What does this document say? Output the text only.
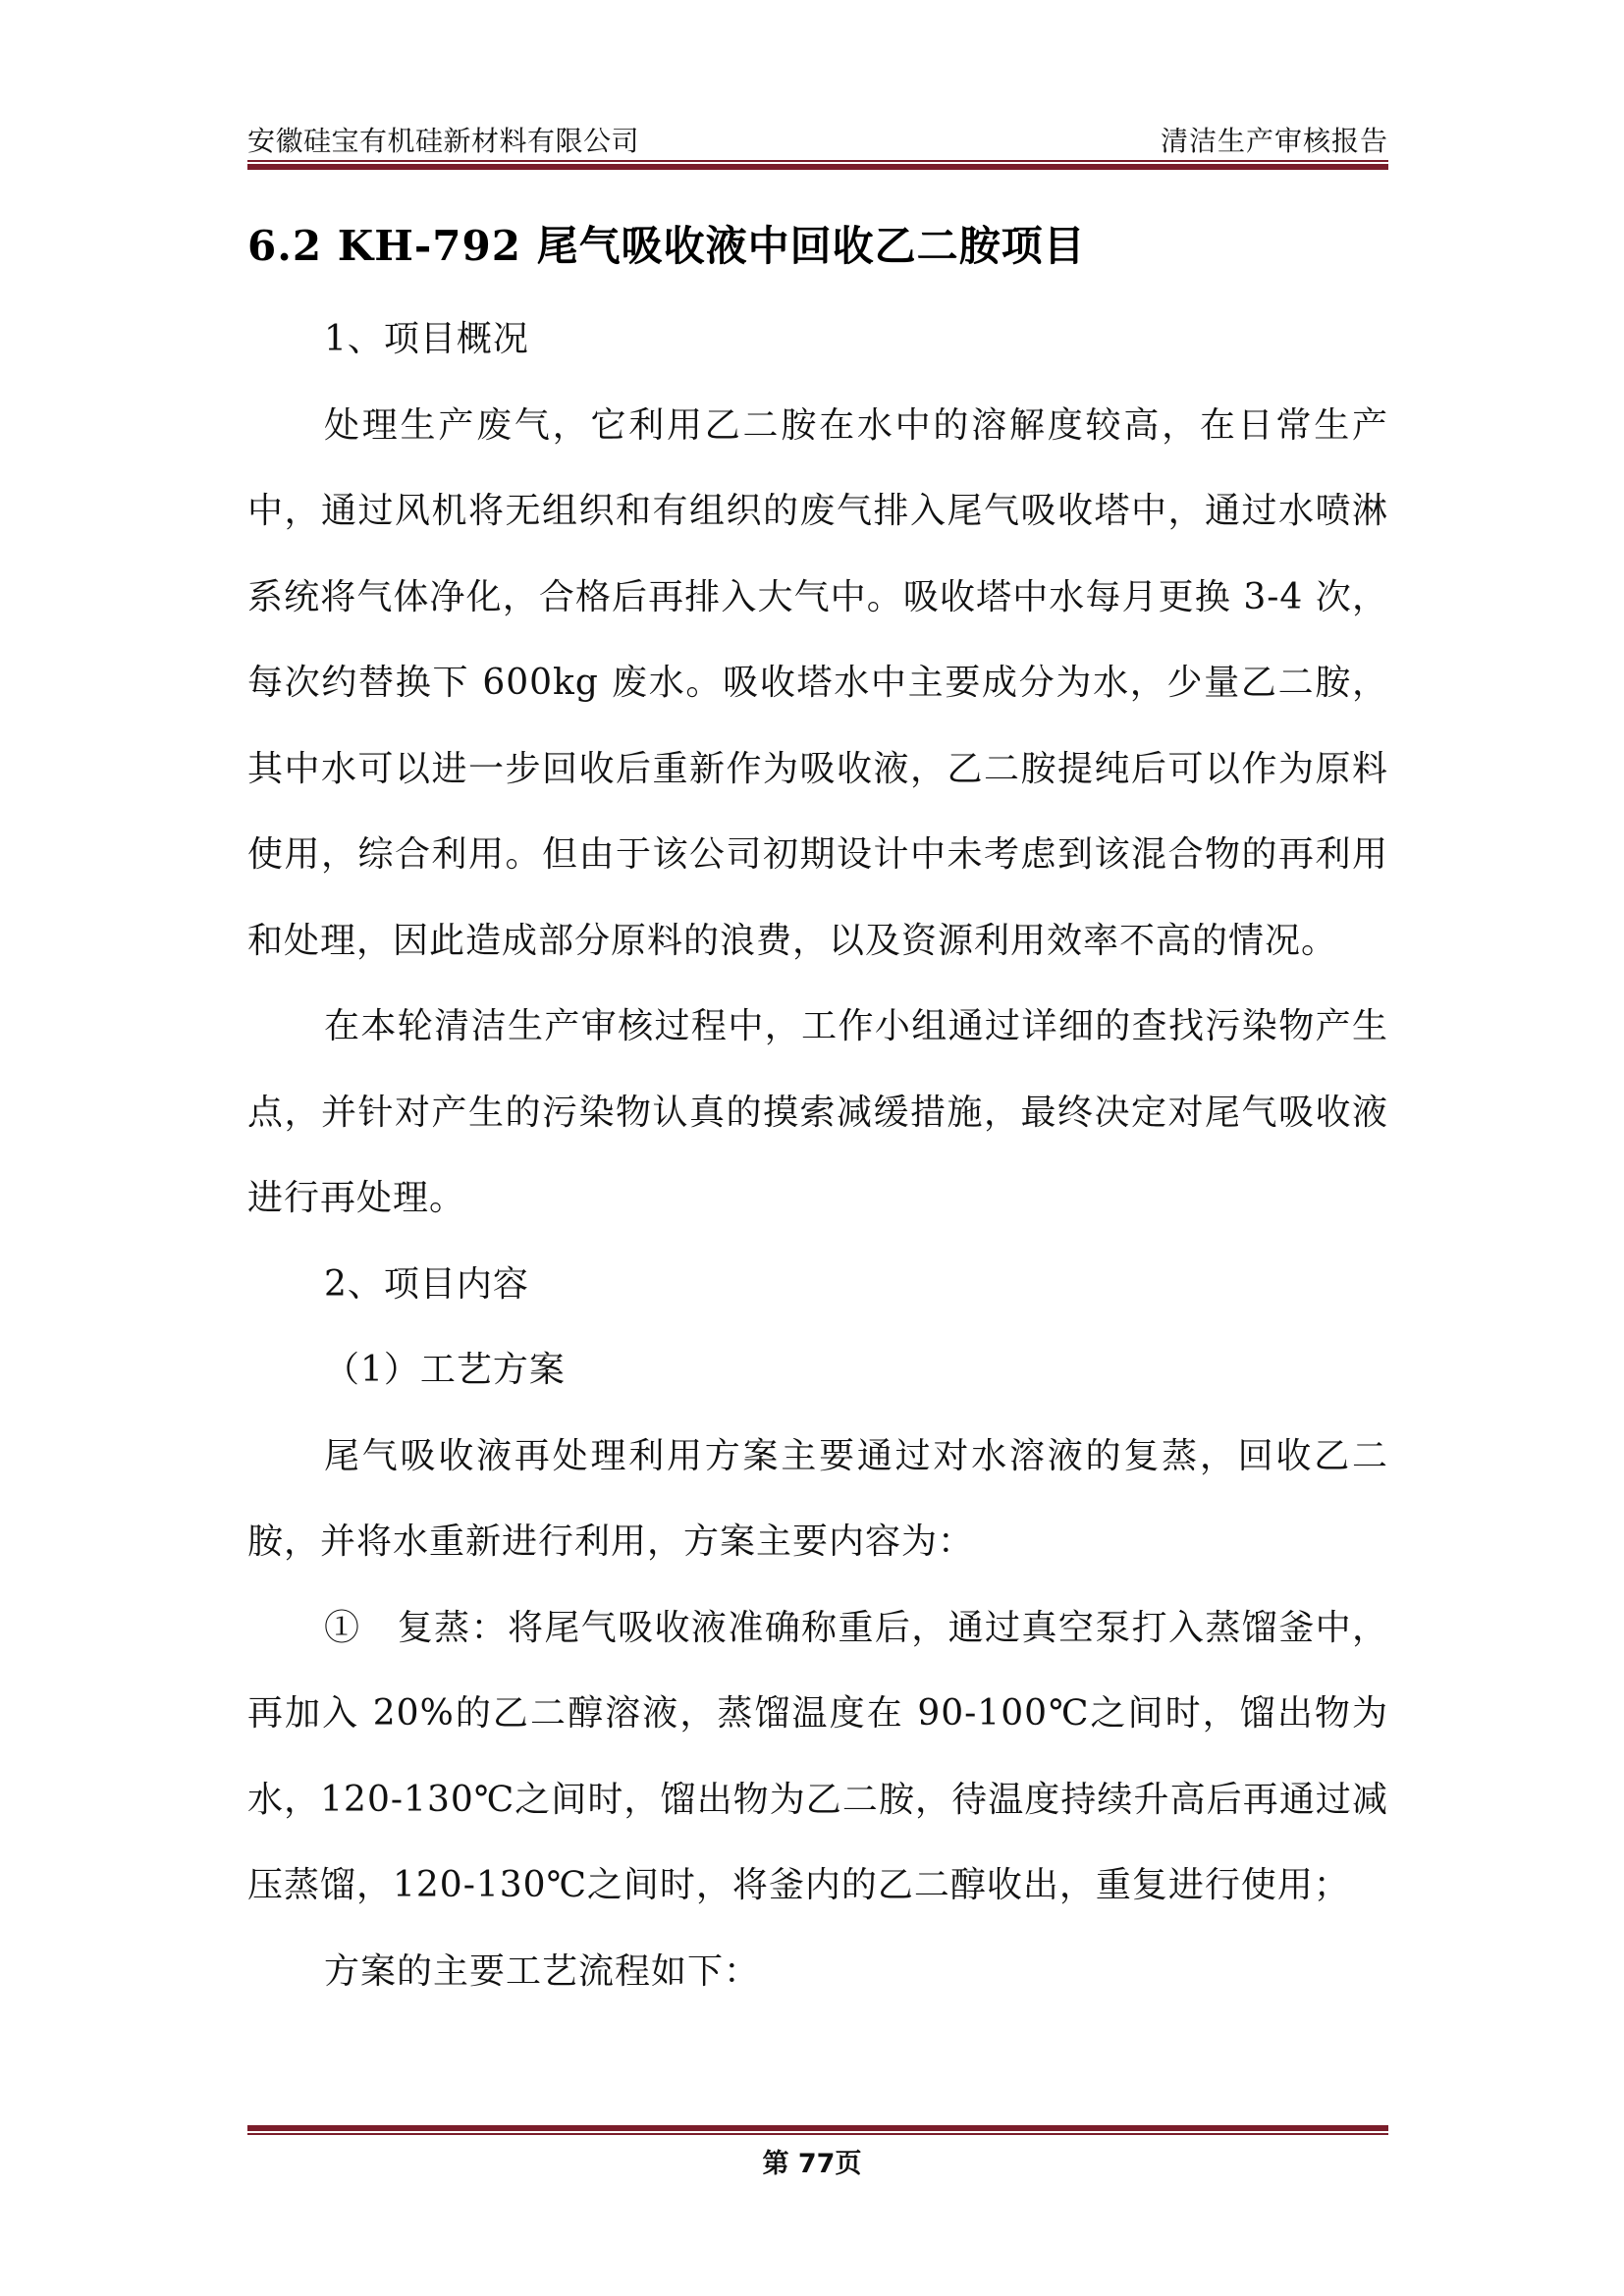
安徽硅宝有机硅新材料有限公司	清洁生产审核报告
6.2 KH-792 尾气吸收液中回收乙二胺项目

1、项目概况

处理生产废气，它利用乙二胺在水中的溶解度较高，在日常生产中，通过风机将无组织和有组织的废气排入尾气吸收塔中，通过水喷淋系统将气体净化，合格后再排入大气中。吸收塔中水每月更换 3-4 次，每次约替换下 600kg 废水。吸收塔水中主要成分为水，少量乙二胺，其中水可以进一步回收后重新作为吸收液，乙二胺提纯后可以作为原料使用，综合利用。但由于该公司初期设计中未考虑到该混合物的再利用和处理，因此造成部分原料的浪费，以及资源利用效率不高的情况。

在本轮清洁生产审核过程中，工作小组通过详细的查找污染物产生点，并针对产生的污染物认真的摸索减缓措施，最终决定对尾气吸收液进行再处理。

2、项目内容

（1）工艺方案

尾气吸收液再处理利用方案主要通过对水溶液的复蒸，回收乙二胺，并将水重新进行利用，方案主要内容为：

①　复蒸：将尾气吸收液准确称重后，通过真空泵打入蒸馏釜中，再加入 20%的乙二醇溶液，蒸馏温度在 90-100℃之间时，馏出物为水，120-130℃之间时，馏出物为乙二胺，待温度持续升高后再通过减压蒸馏，120-130℃之间时，将釜内的乙二醇收出，重复进行使用；

方案的主要工艺流程如下：

第 77页
